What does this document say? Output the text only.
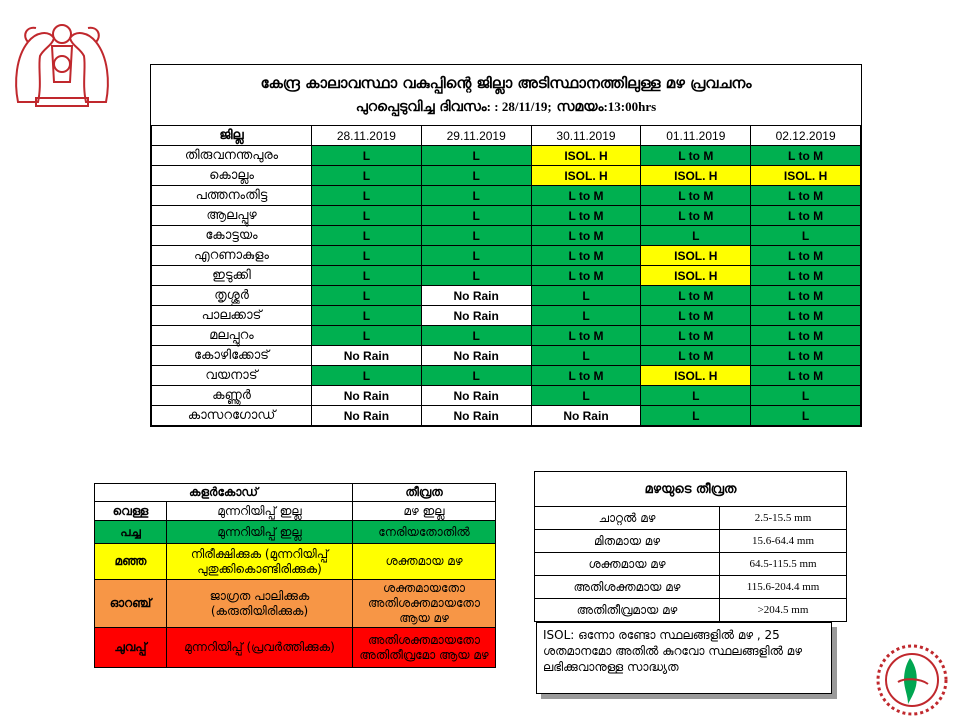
കേന്ദ്ര കാലാവസ്ഥാ വകുപ്പിന്റെ ജില്ലാ അടിസ്ഥാനത്തിലുള്ള മഴ പ്രവചനം
പുറപ്പെടുവിച്ച ദിവസം: : 28/11/19; സമയം:13:00hrs
ജില്ല	28.11.2019	29.11.2019	30.11.2019	01.11.2019	02.12.2019
തിരുവനന്തപുരം	L	L	ISOL. H	L to M	L to M
കൊല്ലം	L	L	ISOL. H	ISOL. H	ISOL. H
പത്തനംതിട്ട	L	L	L to M	L to M	L to M
ആലപ്പുഴ	L	L	L to M	L to M	L to M
കോട്ടയം	L	L	L to M	L	L
എറണാകുളം	L	L	L to M	ISOL. H	L to M
ഇടുക്കി	L	L	L to M	ISOL. H	L to M
തൃശ്ശൂർ	L	No Rain	L	L to M	L to M
പാലക്കാട്	L	No Rain	L	L to M	L to M
മലപ്പുറം	L	L	L to M	L to M	L to M
കോഴിക്കോട്	No Rain	No Rain	L	L to M	L to M
വയനാട്	L	L	L to M	ISOL. H	L to M
കണ്ണൂർ	No Rain	No Rain	L	L	L
കാസറഗോഡ്	No Rain	No Rain	No Rain	L	L
കളർകോഡ്		തീവ്രത
വെള്ള	മുന്നറിയിപ്പ് ഇല്ല	മഴ ഇല്ല
പച്ച	മുന്നറിയിപ്പ് ഇല്ല	നേരിയതോതിൽ
മഞ്ഞ	നിരീക്ഷിക്കുക (മുന്നറിയിപ്പ് പുതുക്കികൊണ്ടിരിക്കുക)	ശക്തമായ മഴ
ഓറഞ്ച്	ജാഗ്രത പാലിക്കുക (കരുതിയിരിക്കുക)	ശക്തമായതോ അതിശക്തമായതോ ആയ മഴ
ചുവപ്പ്	മുന്നറിയിപ്പ് (പ്രവർത്തിക്കുക)	അതിശക്തമായതോ അതിതീവ്രമോ ആയ മഴ
മഴയുടെ തീവ്രത	
ചാറ്റൽ മഴ	2.5-15.5 mm
മിതമായ മഴ	15.6-64.4 mm
ശക്തമായ മഴ	64.5-115.5 mm
അതിശക്തമായ മഴ	115.6-204.4 mm
അതിതീവ്രമായ മഴ	>204.5 mm
ISOL: ഒന്നോ രണ്ടോ സ്ഥലങ്ങളിൽ മഴ , 25 ശതമാനമോ അതിൽ കുറവോ സ്ഥലങ്ങളിൽ മഴ ലഭിക്കുവാനുള്ള സാദ്ധ്യത
